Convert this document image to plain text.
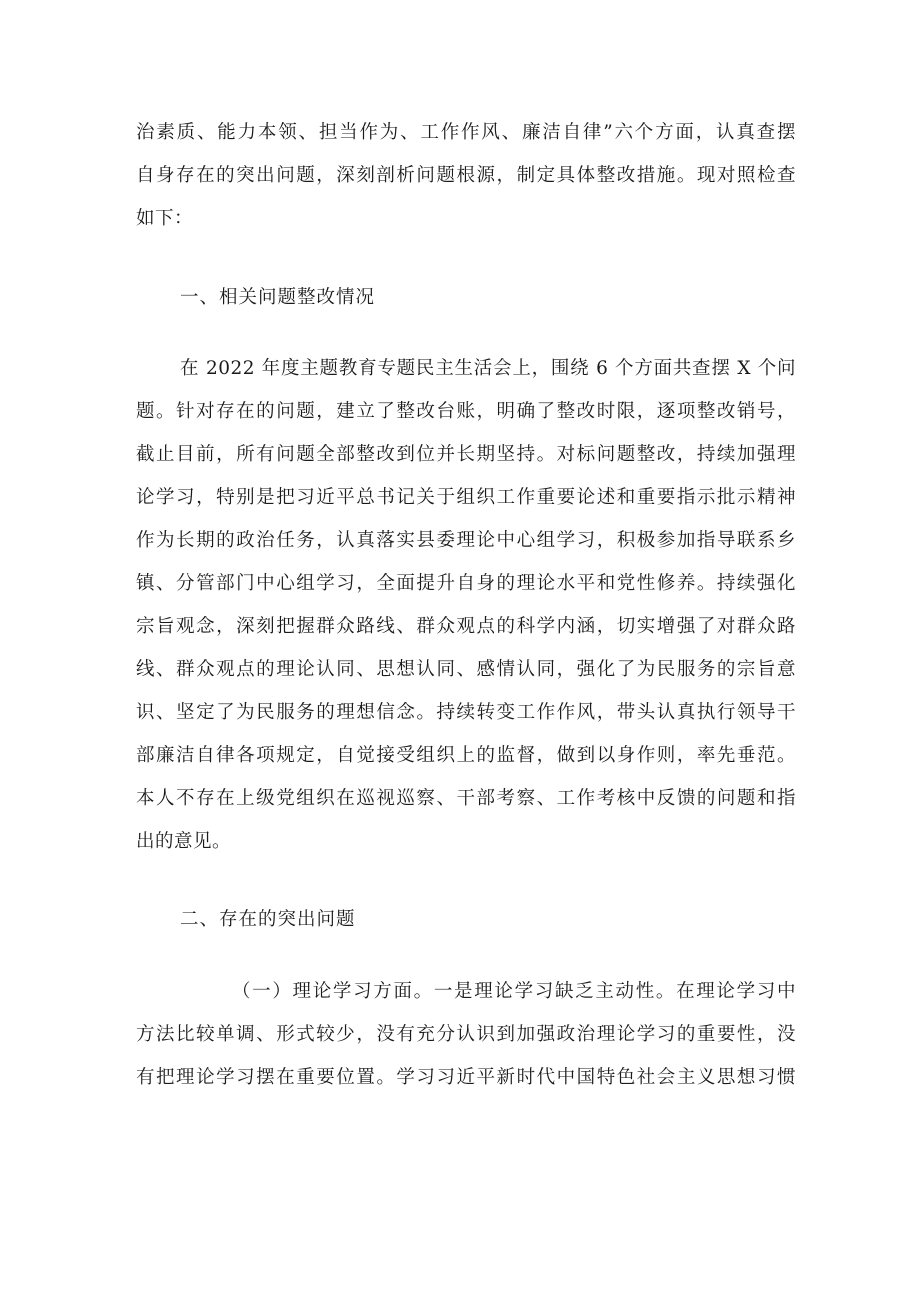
治素质、能力本领、担当作为、工作作风、廉洁自律”六个方面，认真查摆

自身存在的突出问题，深刻剖析问题根源，制定具体整改措施。现对照检查

如下：

一、相关问题整改情况

在 2022 年度主题教育专题民主生活会上，围绕 6 个方面共查摆 X 个问

题。针对存在的问题，建立了整改台账，明确了整改时限，逐项整改销号，

截止目前，所有问题全部整改到位并长期坚持。对标问题整改，持续加强理

论学习，特别是把习近平总书记关于组织工作重要论述和重要指示批示精神

作为长期的政治任务，认真落实县委理论中心组学习，积极参加指导联系乡

镇、分管部门中心组学习，全面提升自身的理论水平和党性修养。持续强化

宗旨观念，深刻把握群众路线、群众观点的科学内涵，切实增强了对群众路

线、群众观点的理论认同、思想认同、感情认同，强化了为民服务的宗旨意

识、坚定了为民服务的理想信念。持续转变工作作风，带头认真执行领导干

部廉洁自律各项规定，自觉接受组织上的监督，做到以身作则，率先垂范。

本人不存在上级党组织在巡视巡察、干部考察、工作考核中反馈的问题和指

出的意见。

二、存在的突出问题

（一）理论学习方面。一是理论学习缺乏主动性。在理论学习中

方法比较单调、形式较少，没有充分认识到加强政治理论学习的重要性，没

有把理论学习摆在重要位置。学习习近平新时代中国特色社会主义思想习惯
